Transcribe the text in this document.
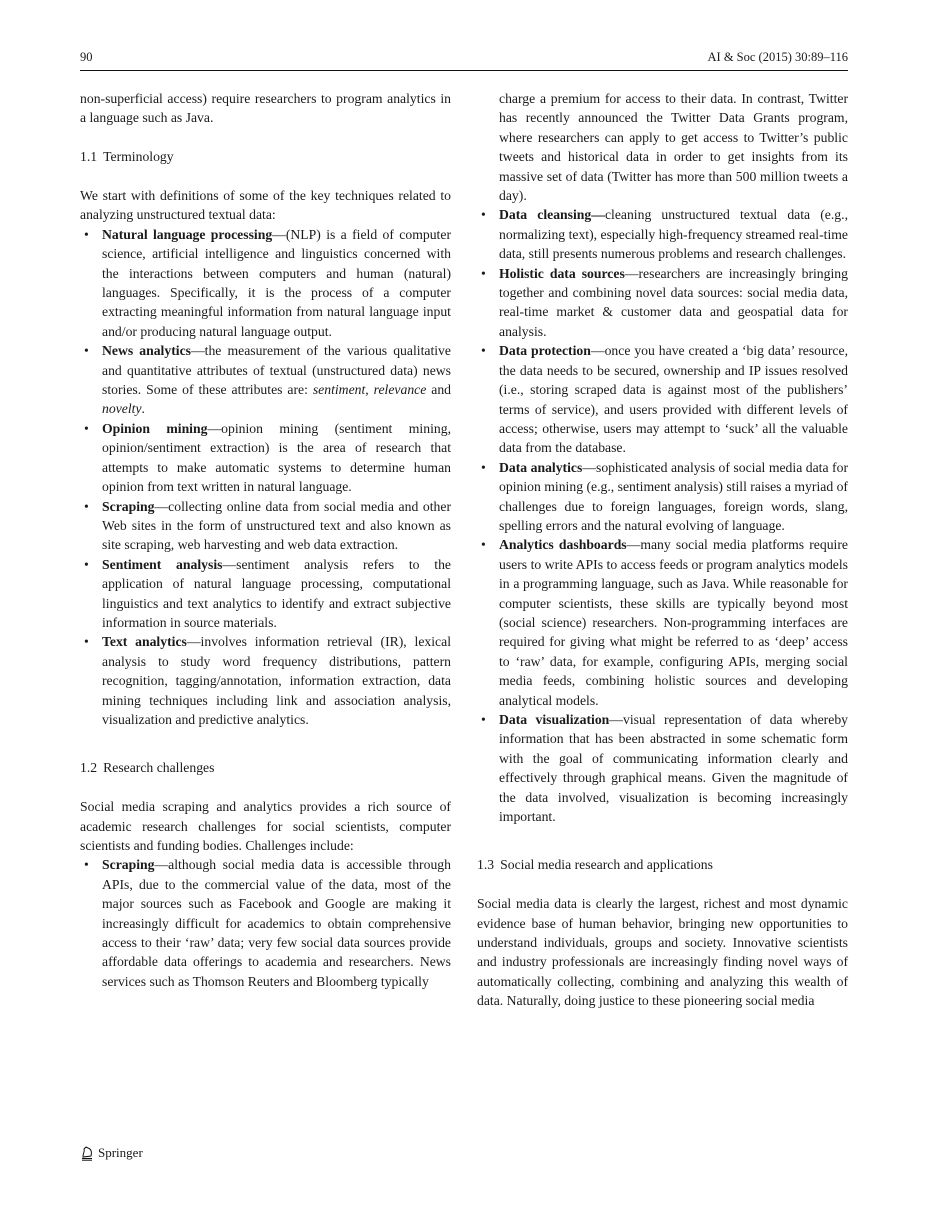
90	AI & Soc (2015) 30:89–116

non-superficial access) require researchers to program analytics in a language such as Java.

1.1 Terminology

We start with definitions of some of the key techniques related to analyzing unstructured textual data:

• Natural language processing—(NLP) is a field of computer science, artificial intelligence and linguistics concerned with the interactions between computers and human (natural) languages. Specifically, it is the process of a computer extracting meaningful information from natural language input and/or producing natural language output.
• News analytics—the measurement of the various qualitative and quantitative attributes of textual (unstructured data) news stories. Some of these attributes are: sentiment, relevance and novelty.
• Opinion mining—opinion mining (sentiment mining, opinion/sentiment extraction) is the area of research that attempts to make automatic systems to determine human opinion from text written in natural language.
• Scraping—collecting online data from social media and other Web sites in the form of unstructured text and also known as site scraping, web harvesting and web data extraction.
• Sentiment analysis—sentiment analysis refers to the application of natural language processing, computational linguistics and text analytics to identify and extract subjective information in source materials.
• Text analytics—involves information retrieval (IR), lexical analysis to study word frequency distributions, pattern recognition, tagging/annotation, information extraction, data mining techniques including link and association analysis, visualization and predictive analytics.
1.2 Research challenges

Social media scraping and analytics provides a rich source of academic research challenges for social scientists, computer scientists and funding bodies. Challenges include:

• Scraping—although social media data is accessible through APIs, due to the commercial value of the data, most of the major sources such as Facebook and Google are making it increasingly difficult for academics to obtain comprehensive access to their ‘raw’ data; very few social data sources provide affordable data offerings to academia and researchers. News services such as Thomson Reuters and Bloomberg typically

charge a premium for access to their data. In contrast, Twitter has recently announced the Twitter Data Grants program, where researchers can apply to get access to Twitter’s public tweets and historical data in order to get insights from its massive set of data (Twitter has more than 500 million tweets a day).

• Data cleansing—cleaning unstructured textual data (e.g., normalizing text), especially high-frequency streamed real-time data, still presents numerous problems and research challenges.
• Holistic data sources—researchers are increasingly bringing together and combining novel data sources: social media data, real-time market & customer data and geospatial data for analysis.
• Data protection—once you have created a ‘big data’ resource, the data needs to be secured, ownership and IP issues resolved (i.e., storing scraped data is against most of the publishers’ terms of service), and users provided with different levels of access; otherwise, users may attempt to ‘suck’ all the valuable data from the database.
• Data analytics—sophisticated analysis of social media data for opinion mining (e.g., sentiment analysis) still raises a myriad of challenges due to foreign languages, foreign words, slang, spelling errors and the natural evolving of language.
• Analytics dashboards—many social media platforms require users to write APIs to access feeds or program analytics models in a programming language, such as Java. While reasonable for computer scientists, these skills are typically beyond most (social science) researchers. Non-programming interfaces are required for giving what might be referred to as ‘deep’ access to ‘raw’ data, for example, configuring APIs, merging social media feeds, combining holistic sources and developing analytical models.
• Data visualization—visual representation of data whereby information that has been abstracted in some schematic form with the goal of communicating information clearly and effectively through graphical means. Given the magnitude of the data involved, visualization is becoming increasingly important.
1.3 Social media research and applications

Social media data is clearly the largest, richest and most dynamic evidence base of human behavior, bringing new opportunities to understand individuals, groups and society. Innovative scientists and industry professionals are increasingly finding novel ways of automatically collecting, combining and analyzing this wealth of data. Naturally, doing justice to these pioneering social media

Springer
